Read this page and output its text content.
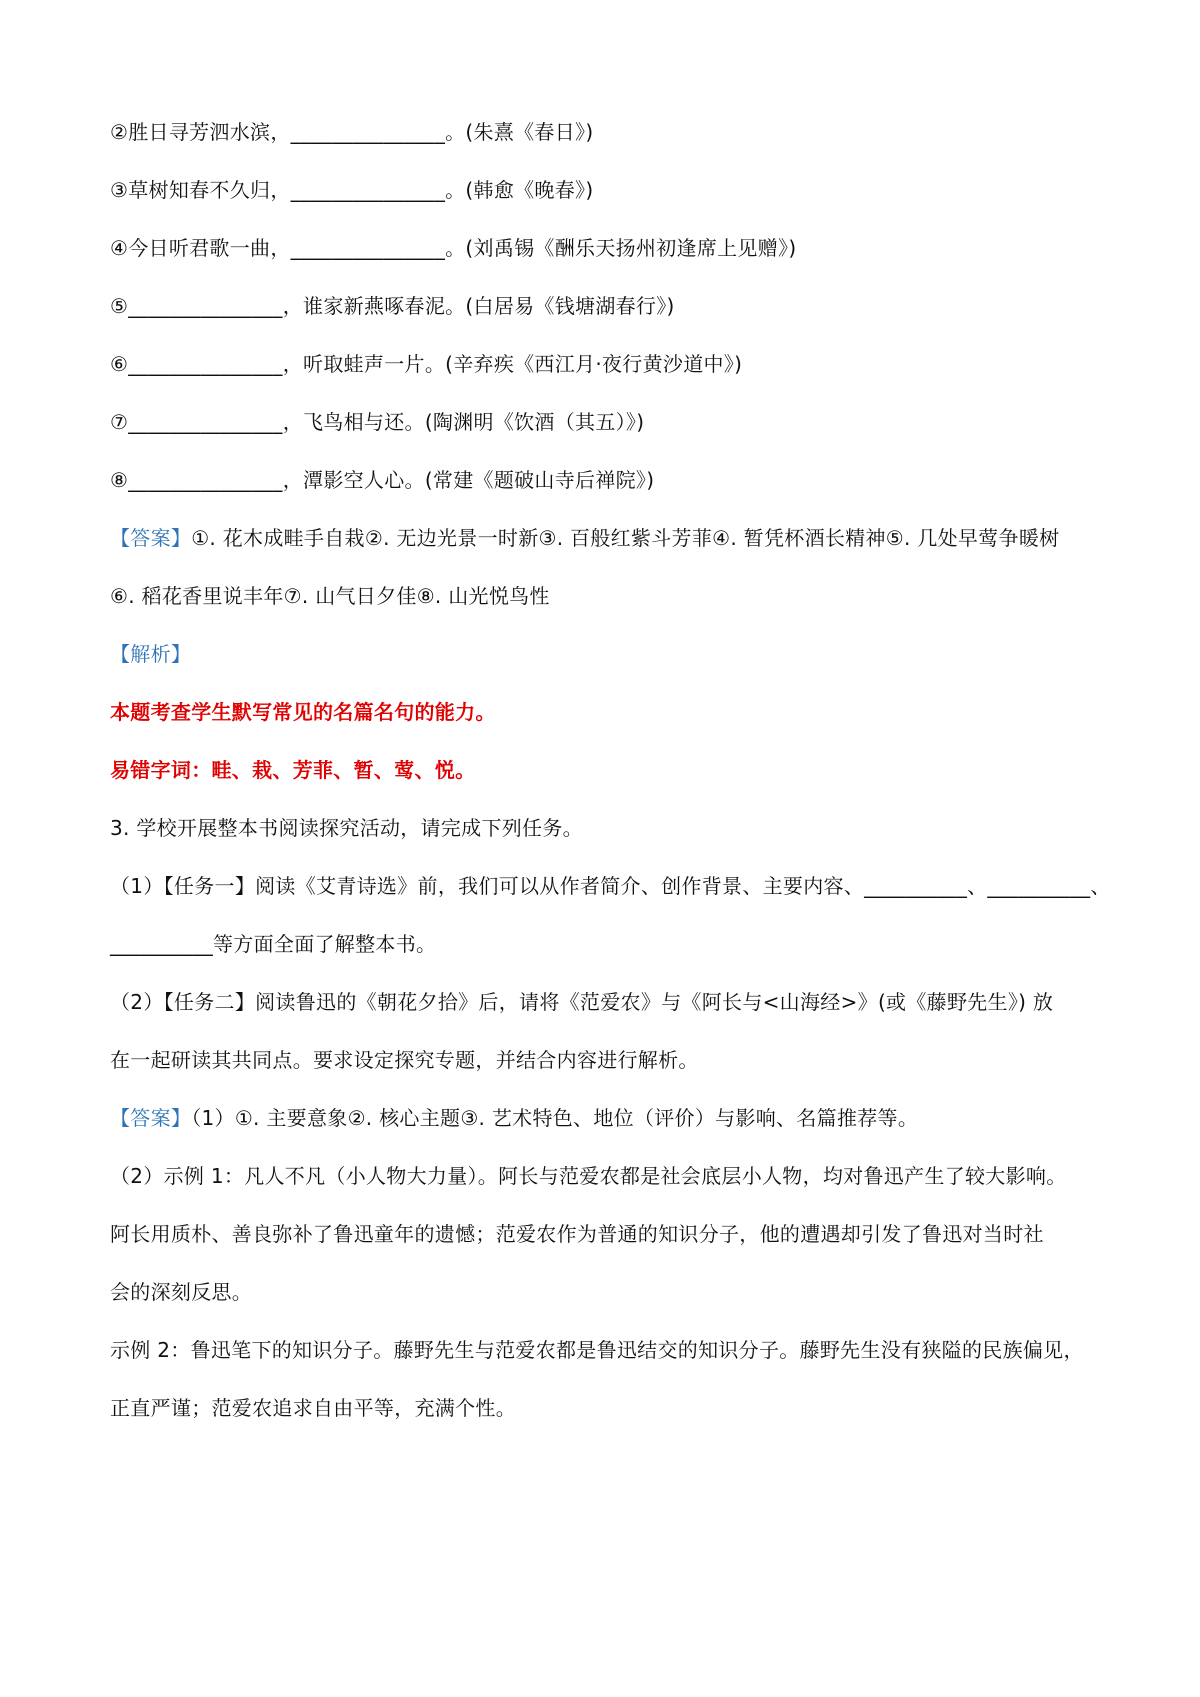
②胜日寻芳泗水滨，_______________。(朱熹《春日》)
③草树知春不久归，_______________。(韩愈《晚春》)
④今日听君歌一曲，_______________。(刘禹锡《酬乐天扬州初逢席上见赠》)
⑤_______________，谁家新燕啄春泥。(白居易《钱塘湖春行》)
⑥_______________，听取蛙声一片。(辛弃疾《西江月·夜行黄沙道中》)
⑦_______________，飞鸟相与还。(陶渊明《饮酒（其五）》)
⑧_______________，潭影空人心。(常建《题破山寺后禅院》)
【答案】①. 花木成畦手自栽②. 无边光景一时新③. 百般红紫斗芳菲④. 暂凭杯酒长精神⑤. 几处早莺争暖树
⑥. 稻花香里说丰年⑦. 山气日夕佳⑧. 山光悦鸟性
【解析】
本题考查学生默写常见的名篇名句的能力。
易错字词：畦、栽、芳菲、暂、莺、悦。
3. 学校开展整本书阅读探究活动，请完成下列任务。
（1）【任务一】阅读《艾青诗选》前，我们可以从作者简介、创作背景、主要内容、__________、__________、
__________等方面全面了解整本书。
（2）【任务二】阅读鲁迅的《朝花夕拾》后，请将《范爱农》与《阿长与<山海经>》(或《藤野先生》) 放
在一起研读其共同点。要求设定探究专题，并结合内容进行解析。
【答案】（1）①. 主要意象②. 核心主题③. 艺术特色、地位（评价）与影响、名篇推荐等。
（2）示例 1：凡人不凡（小人物大力量）。阿长与范爱农都是社会底层小人物，均对鲁迅产生了较大影响。
阿长用质朴、善良弥补了鲁迅童年的遗憾；范爱农作为普通的知识分子，他的遭遇却引发了鲁迅对当时社
会的深刻反思。
示例 2：鲁迅笔下的知识分子。藤野先生与范爱农都是鲁迅结交的知识分子。藤野先生没有狭隘的民族偏见，
正直严谨；范爱农追求自由平等，充满个性。
